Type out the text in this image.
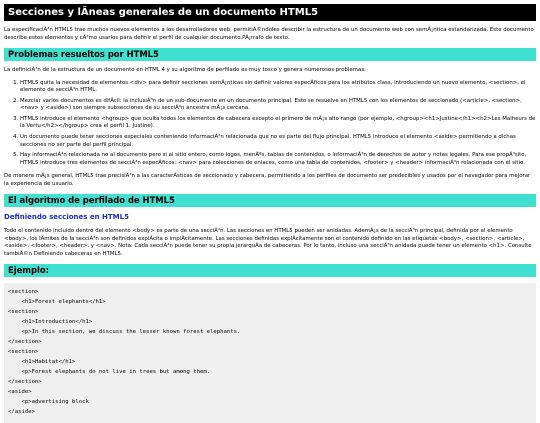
Secciones y lÃneas generales de un documento HTML5

La especificaciÃ³n HTML5 trae muchos nuevos elementos a los desarrolladores web, permitiÃ©ndoles describir la estructura de un documento web con semÃ¡ntica estandarizada. Este documento describe estos elementos y cÃ³mo usarlos para definir el perfil de cualquier documento.PÃ¡rrafo de texto.

Problemas resueltos por HTML5

La definiciÃ³n de la estructura de un documento en HTML 4 y su algoritmo de perfilado es muy tosco y genera numerosos problemas:

1. HTML5 quita la necesidad de elementos <div> para definir secciones semÃ¡nticas sin definir valores especÃficos para los atributos class, introduciendo un nuevo elemento, <section>, el elemento de secciÃ³n HTML.
2. Mezclar varios documentos es difÃcil: la inclusiÃ³n de un sub-documento en un documento principal. Esto se resuelve en HTML5 con los elementos de seccionado (<article>, <section>, <nav> y <aside>) son siempre subsecciones de su secciÃ³n ancestra mÃ¡s cercana.
3. HTML5 introduce el elemento <hgroup> que oculta todos los elementos de cabecera excepto el primero de mÃ¡s alto rango (por ejemplo, <hgroup><h1>Justine</h1><h2>Les Malheurs de la Vertu</h2></hgroup> crea el perfil 1. Justine).
4. Un documento puede tener secciones especiales conteniendo informaciÃ³n relacionada que no es parte del flujo principal. HTML5 introduce el elemento <aside> permitiendo a dichas secciones no ser parte del perfil principal.
5. Hay informaciÃ³n relacionada no al documento pero si al sitio entero, como logos, menÃºs, tablas de contenidos, o informaciÃ³n de derechos de autor y notas legales. Para ese propÃ³sito, HTML5 introduce tres elementos de secciÃ³n especÃficos: <nav> para colecciones de enlaces, como una tabla de contenidos, <footer> y <header> informaciÃ³n relacionada con el sitio.

De manera mÃ¡s general, HTML5 trae precisiÃ³n a las caracterÃsticas de seccionado y cabecera, permitiendo a los perfiles de documento ser predecibles y usados por el navegador para mejorar la experiencia de usuario.

El algoritmo de perfilado de HTML5
Definiendo secciones en HTML5

Todo el contenido incluido dentro del elemento <body> es parte de una secciÃ³n. Las secciones en HTML5 pueden ser anidadas. AdemÃ¡s de la secciÃ³n principal, definida por el elemento <body>, los lÃmites de la secciÃ³n son definidos explÃcita o implÃcitamente. Las secciones definidas explÃcitamente son el contenido definido en las etiquetas <body>, <section>, <article>, <aside>, <footer>, <header>, y <nav>. Nota: Cada secciÃ³n puede tener su propia jerarquÃa de cabeceras. Por lo tanto, incluso una secciÃ³n anidada puede tener un elemento <h1>. Consulte tambiÃ©n Definiendo cabeceras en HTML5.

Ejemplo:
<section>
<h1>Forest elephants</h1>
<section>
<h1>Introduction</h1>
<p>In this section, we discuss the lesser known forest elephants.
</section>
<section>
<h1>Habitat</h1>
<p>Forest elephants do not live in trees but among them.
</section>
<aside>
<p>advertising block
</aside>
